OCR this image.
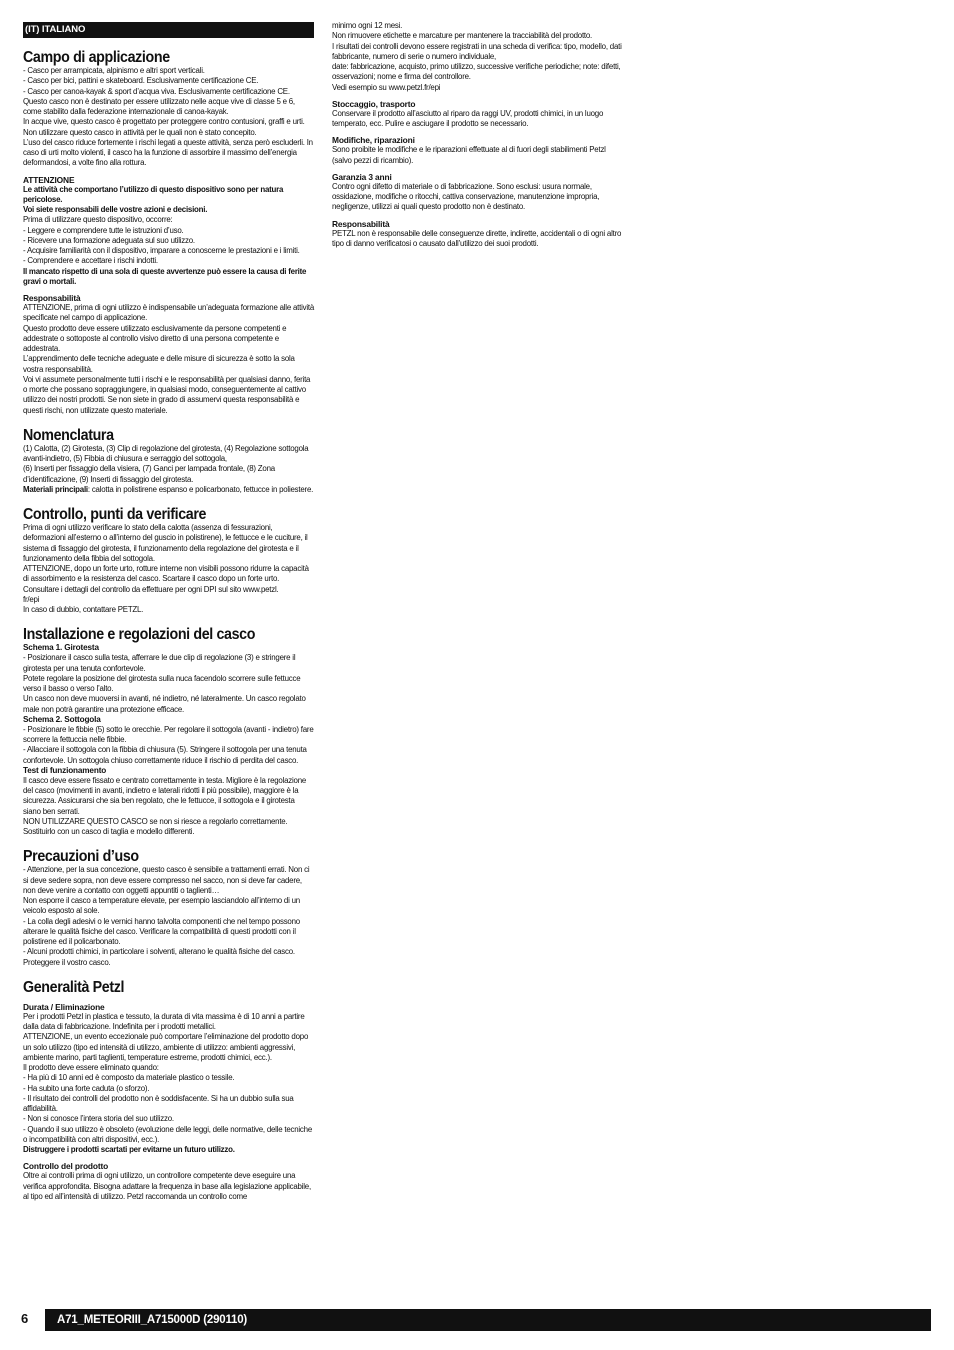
(IT) ITALIANO
Campo di applicazione

- Casco per arrampicata, alpinismo e altri sport verticali.
- Casco per bici, pattini e skateboard. Esclusivamente certificazione CE.
- Casco per canoa-kayak & sport d’acqua viva. Esclusivamente certificazione CE.
Questo casco non è destinato per essere utilizzato nelle acque vive di classe 5 e 6, come stabilito dalla federazione internazionale di canoa-kayak.
In acque vive, questo casco è progettato per proteggere contro contusioni, graffi e urti.
Non utilizzare questo casco in attività per le quali non è stato concepito.
L’uso del casco riduce fortemente i rischi legati a queste attività, senza però escluderli. In caso di urti molto violenti, il casco ha la funzione di assorbire il massimo dell’energia deformandosi, a volte fino alla rottura.

ATTENZIONE

Le attività che comportano l’utilizzo di questo dispositivo sono per natura pericolose.
Voi siete responsabili delle vostre azioni e decisioni.

Prima di utilizzare questo dispositivo, occorre:
- Leggere e comprendere tutte le istruzioni d’uso.
- Ricevere una formazione adeguata sul suo utilizzo.
- Acquisire familiarità con il dispositivo, imparare a conoscerne le prestazioni e i limiti.
- Comprendere e accettare i rischi indotti.

Il mancato rispetto di una sola di queste avvertenze può essere la causa di ferite gravi o mortali.

Responsabilità

ATTENZIONE, prima di ogni utilizzo è indispensabile un’adeguata formazione alle attività specificate nel campo di applicazione.
Questo prodotto deve essere utilizzato esclusivamente da persone competenti e addestrate o sottoposte al controllo visivo diretto di una persona competente e addestrata.
L’apprendimento delle tecniche adeguate e delle misure di sicurezza è sotto la sola vostra responsabilità.
Voi vi assumete personalmente tutti i rischi e le responsabilità per qualsiasi danno, ferita o morte che possano sopraggiungere, in qualsiasi modo, conseguentemente al cattivo utilizzo dei nostri prodotti. Se non siete in grado di assumervi questa responsabilità e questi rischi, non utilizzate questo materiale.

Nomenclatura

(1) Calotta, (2) Girotesta, (3) Clip di regolazione del girotesta, (4) Regolazione sottogola avanti-indietro, (5) Fibbia di chiusura e serraggio del sottogola,
(6) Inserti per fissaggio della visiera, (7) Ganci per lampada frontale, (8) Zona d’identificazione, (9) Inserti di fissaggio del girotesta.

Materiali principali: calotta in polistirene espanso e policarbonato, fettucce in poliestere.

Controllo, punti da verificare

Prima di ogni utilizzo verificare lo stato della calotta (assenza di fessurazioni, deformazioni all’esterno o all’interno del guscio in polistirene), le fettucce e le cuciture, il sistema di fissaggio del girotesta, il funzionamento della regolazione del girotesta e il funzionamento della fibbia del sottogola.
ATTENZIONE, dopo un forte urto, rotture interne non visibili possono ridurre la capacità di assorbimento e la resistenza del casco. Scartare il casco dopo un forte urto.
Consultare i dettagli del controllo da effettuare per ogni DPI sul sito www.petzl.
fr/epi
In caso di dubbio, contattare PETZL.

Installazione e regolazioni del casco
Schema 1. Girotesta

- Posizionare il casco sulla testa, afferrare le due clip di regolazione (3) e stringere il girotesta per una tenuta confortevole.
Potete regolare la posizione del girotesta sulla nuca facendolo scorrere sulle fettucce verso il basso o verso l’alto.
Un casco non deve muoversi in avanti, né indietro, né lateralmente. Un casco regolato male non potrà garantire una protezione efficace.

Schema 2. Sottogola

- Posizionare le fibbie (5) sotto le orecchie. Per regolare il sottogola (avanti - indietro) fare scorrere la fettuccia nelle fibbie.
- Allacciare il sottogola con la fibbia di chiusura (5). Stringere il sottogola per una tenuta confortevole. Un sottogola chiuso correttamente riduce il rischio di perdita del casco.

Test di funzionamento

Il casco deve essere fissato e centrato correttamente in testa. Migliore è la regolazione del casco (movimenti in avanti, indietro e laterali ridotti il più possibile), maggiore è la sicurezza. Assicurarsi che sia ben regolato, che le fettucce, il sottogola e il girotesta siano ben serrati.
NON UTILIZZARE QUESTO CASCO se non si riesce a regolarlo correttamente. Sostituirlo con un casco di taglia e modello differenti.

Precauzioni d’uso

- Attenzione, per la sua concezione, questo casco è sensibile a trattamenti errati. Non ci si deve sedere sopra, non deve essere compresso nel sacco, non si deve far cadere, non deve venire a contatto con oggetti appuntiti o taglienti…
Non esporre il casco a temperature elevate, per esempio lasciandolo all’interno di un veicolo esposto al sole.
- La colla degli adesivi o le vernici hanno talvolta componenti che nel tempo possono alterare le qualità fisiche del casco. Verificare la compatibilità di questi prodotti con il polistirene ed il policarbonato.
- Alcuni prodotti chimici, in particolare i solventi, alterano le qualità fisiche del casco. Proteggere il vostro casco.

Generalità Petzl
Durata / Eliminazione

Per i prodotti Petzl in plastica e tessuto, la durata di vita massima è di 10 anni a partire dalla data di fabbricazione. Indefinita per i prodotti metallici.
ATTENZIONE, un evento eccezionale può comportare l’eliminazione del prodotto dopo un solo utilizzo (tipo ed intensità di utilizzo, ambiente di utilizzo: ambienti aggressivi, ambiente marino, parti taglienti, temperature estreme, prodotti chimici, ecc.).
Il prodotto deve essere eliminato quando:
- Ha più di 10 anni ed è composto da materiale plastico o tessile.
- Ha subito una forte caduta (o sforzo).
- Il risultato dei controlli del prodotto non è soddisfacente. Si ha un dubbio sulla sua affidabilità.
- Non si conosce l’intera storia del suo utilizzo.
- Quando il suo utilizzo è obsoleto (evoluzione delle leggi, delle normative, delle tecniche o incompatibilità con altri dispositivi, ecc.).

Distruggere i prodotti scartati per evitarne un futuro utilizzo.

Controllo del prodotto

Oltre ai controlli prima di ogni utilizzo, un controllore competente deve eseguire una verifica approfondita. Bisogna adattare la frequenza in base alla legislazione applicabile, al tipo ed all’intensità di utilizzo. Petzl raccomanda un controllo come

minimo ogni 12 mesi.
Non rimuovere etichette e marcature per mantenere la tracciabilità del prodotto.
I risultati dei controlli devono essere registrati in una scheda di verifica: tipo, modello, dati fabbricante, numero di serie o numero individuale,
date: fabbricazione, acquisto, primo utilizzo, successive verifiche periodiche; note: difetti, osservazioni; nome e firma del controllore.
Vedi esempio su www.petzl.fr/epi

Stoccaggio, trasporto

Conservare il prodotto all’asciutto al riparo da raggi UV, prodotti chimici, in un luogo temperato, ecc. Pulire e asciugare il prodotto se necessario.

Modifiche, riparazioni

Sono proibite le modifiche e le riparazioni effettuate al di fuori degli stabilimenti Petzl (salvo pezzi di ricambio).

Garanzia 3 anni

Contro ogni difetto di materiale o di fabbricazione. Sono esclusi: usura normale, ossidazione, modifiche o ritocchi, cattiva conservazione, manutenzione impropria, negligenze, utilizzi ai quali questo prodotto non è destinato.

Responsabilità

PETZL non è responsabile delle conseguenze dirette, indirette, accidentali o di ogni altro tipo di danno verificatosi o causato dall’utilizzo dei suoi prodotti.

6	A71_METEORIII_A715000D (290110)
